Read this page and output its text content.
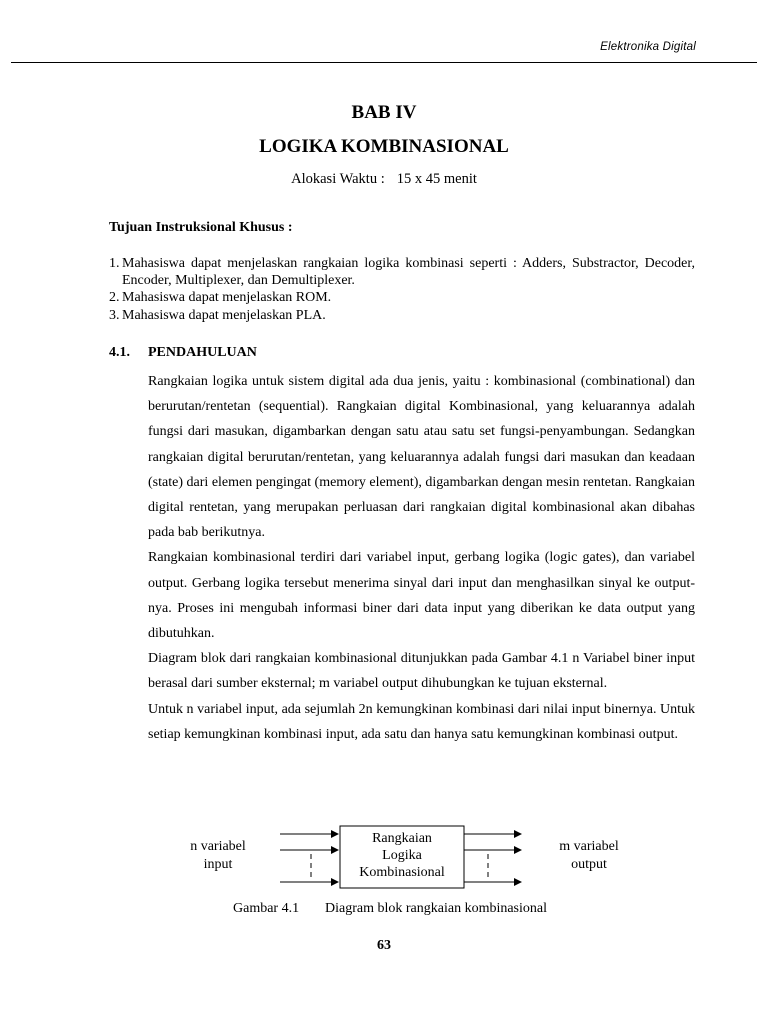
Elektronika Digital
BAB IV
LOGIKA KOMBINASIONAL
Alokasi Waktu : 15 x 45 menit
Tujuan Instruksional Khusus :
1. Mahasiswa dapat menjelaskan rangkaian logika kombinasi seperti : Adders, Substractor, Decoder, Encoder, Multiplexer, dan Demultiplexer.
2. Mahasiswa dapat menjelaskan ROM.
3. Mahasiswa dapat menjelaskan PLA.
4.1. PENDAHULUAN

Rangkaian logika untuk sistem digital ada dua jenis, yaitu : kombinasional (combinational) dan berurutan/rentetan (sequential). Rangkaian digital Kombinasional, yang keluarannya adalah fungsi dari masukan, digambarkan dengan satu atau satu set fungsi-penyambungan. Sedangkan rangkaian digital berurutan/rentetan, yang keluarannya adalah fungsi dari masukan dan keadaan (state) dari elemen pengingat (memory element), digambarkan dengan mesin rentetan. Rangkaian digital rentetan, yang merupakan perluasan dari rangkaian digital kombinasional akan dibahas pada bab berikutnya.

Rangkaian kombinasional terdiri dari variabel input, gerbang logika (logic gates), dan variabel output. Gerbang logika tersebut menerima sinyal dari input dan menghasilkan sinyal ke output-nya. Proses ini mengubah informasi biner dari data input yang diberikan ke data output yang dibutuhkan.

Diagram blok dari rangkaian kombinasional ditunjukkan pada Gambar 4.1 n Variabel biner input berasal dari sumber eksternal; m variabel output dihubungkan ke tujuan eksternal.

Untuk n variabel input, ada sejumlah 2n kemungkinan kombinasi dari nilai input binernya. Untuk setiap kemungkinan kombinasi input, ada satu dan hanya satu kemungkinan kombinasi output.

n variabel
input
Rangkaian
Logika
Kombinasional
m variabel
output
Gambar 4.1 Diagram blok rangkaian kombinasional
63
